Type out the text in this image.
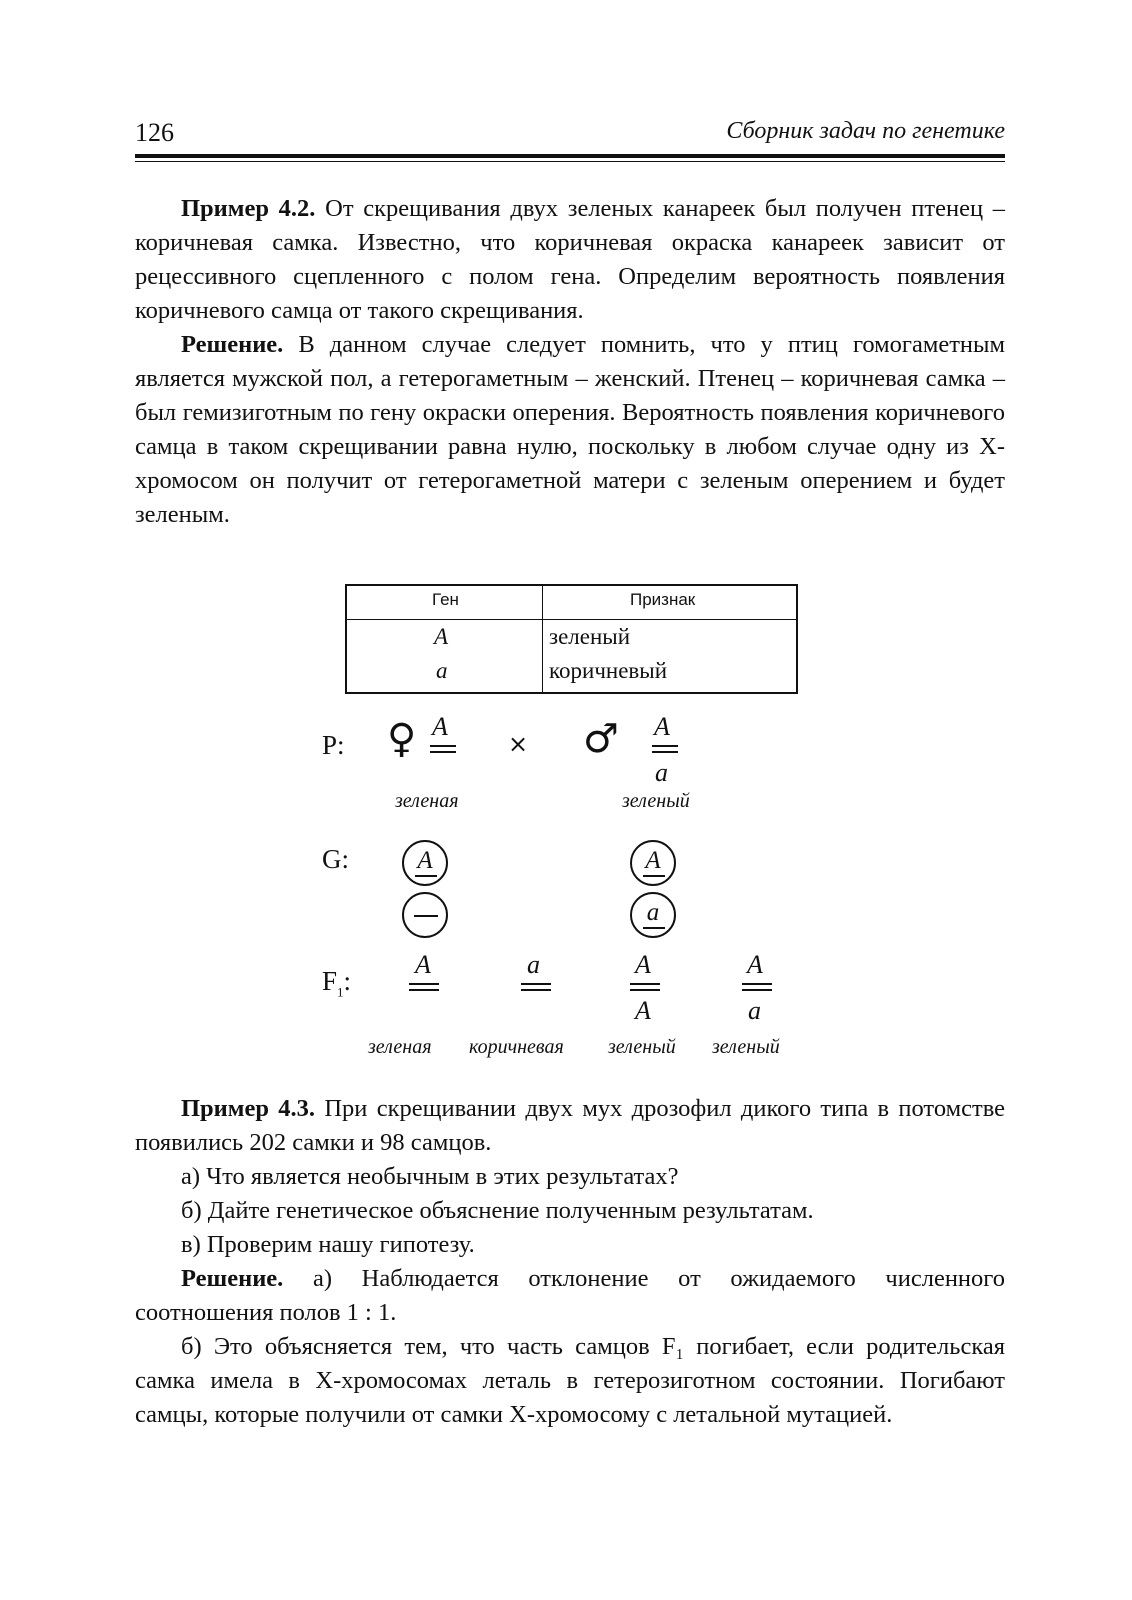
126	Сборник задач по генетике

Пример 4.2. От скрещивания двух зеленых канареек был получен птенец – коричневая самка. Известно, что коричневая окраска канареек зависит от рецессивного сцепленного с полом гена. Определим вероятность появления коричневого самца от такого скрещивания.

Решение. В данном случае следует помнить, что у птиц гомогаметным является мужской пол, а гетерогаметным – женский. Птенец – коричневая самка – был гемизиготным по гену окраски оперения. Вероятность появления коричневого самца в таком скрещивании равна нулю, поскольку в любом случае одну из X-хромосом он получит от гетерогаметной матери с зеленым оперением и будет зеленым.

Ген	Признак
A	зеленый
a	коричневый
P: ♀ A
× ♂ A
a
зеленая	зеленый
G:	A	A
a
$F_1$:
A	a	A
A
A
a
зеленая коричневая зеленый зеленый

Пример 4.3. При скрещивании двух мух дрозофил дикого типа в потомстве появились 202 самки и 98 самцов.

а) Что является необычным в этих результатах?

б) Дайте генетическое объяснение полученным результатам.

в) Проверим нашу гипотезу.

Решение. а) Наблюдается отклонение от ожидаемого численного соотношения полов 1 : 1.

б) Это объясняется тем, что часть самцов F₁ погибает, если родительская самка имела в X-хромосомах леталь в гетерозиготном состоянии. Погибают самцы, которые получили от самки X-хромосому с летальной мутацией.
